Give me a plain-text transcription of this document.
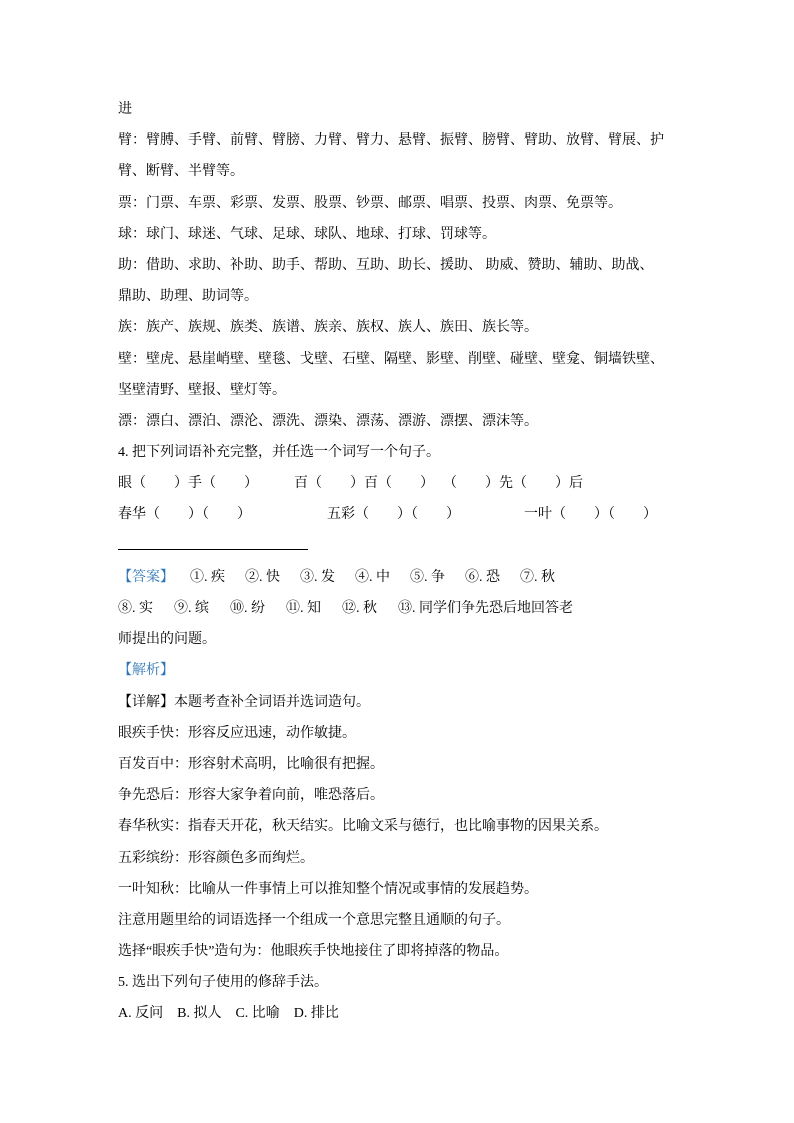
进
臂：臂膊、手臂、前臂、臂膀、力臂、臂力、悬臂、振臂、膀臂、臂助、放臂、臂展、护
臂、断臂、半臂等。
票：门票、车票、彩票、发票、股票、钞票、邮票、唱票、投票、肉票、免票等。
球：球门、球迷、气球、足球、球队、地球、打球、罚球等。
助：借助、求助、补助、助手、帮助、互助、助长、援助、 助威、赞助、辅助、助战、
鼎助、助理、助词等。
族：族产、族规、族类、族谱、族亲、族权、族人、族田、族长等。
壁：壁虎、悬崖峭壁、壁毯、戈壁、石壁、隔壁、影壁、削壁、碰壁、壁龛、铜墙铁壁、
坚壁清野、壁报、壁灯等。
漂：漂白、漂泊、漂沦、漂洗、漂染、漂荡、漂游、漂摆、漂沫等。
4. 把下列词语补充完整，并任选一个词写一个句子。
眼（　　）手（　　）	百（　　）百（　　） （　　）先（　　）后
春华（　　）（　　）	五彩（　　）（　　）	一叶（　　）（　　）
【答案】 ①. 疾 ②. 快 ③. 发 ④. 中 ⑤. 争 ⑥. 恐 ⑦. 秋
⑧. 实 ⑨. 缤 ⑩. 纷 ⑪. 知 ⑫. 秋 ⑬. 同学们争先恐后地回答老
师提出的问题。
【解析】
【详解】本题考查补全词语并选词造句。
眼疾手快：形容反应迅速，动作敏捷。
百发百中：形容射术高明，比喻很有把握。
争先恐后：形容大家争着向前，唯恐落后。
春华秋实：指春天开花，秋天结实。比喻文采与德行，也比喻事物的因果关系。
五彩缤纷：形容颜色多而绚烂。
一叶知秋：比喻从一件事情上可以推知整个情况或事情的发展趋势。
注意用题里给的词语选择一个组成一个意思完整且通顺的句子。
选择“眼疾手快”造句为：他眼疾手快地接住了即将掉落的物品。
5. 选出下列句子使用的修辞手法。
A. 反问　B. 拟人　C. 比喻　D. 排比
